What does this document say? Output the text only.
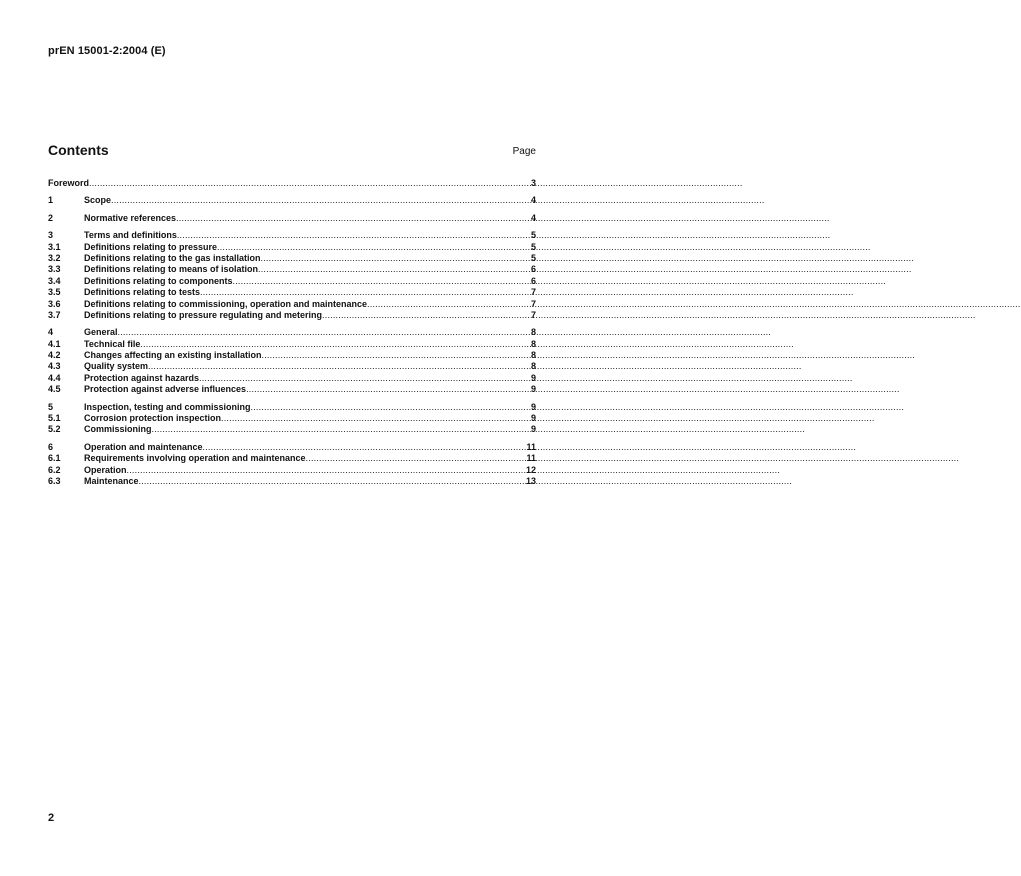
prEN 15001-2:2004 (E)
Contents	Page
Foreword .....	3
1	Scope .....	4
2	Normative references .....	4
3	Terms and definitions .....	5
3.1	Definitions relating to pressure .....	5
3.2	Definitions relating to the gas installation .....	5
3.3	Definitions relating to means of isolation .....	6
3.4	Definitions relating to components .....	6
3.5	Definitions relating to tests .....	7
3.6	Definitions relating to commissioning, operation and maintenance .....	7
3.7	Definitions relating to pressure regulating and metering .....	7
4	General .....	8
4.1	Technical file .....	8
4.2	Changes affecting an existing installation .....	8
4.3	Quality system .....	8
4.4	Protection against hazards .....	9
4.5	Protection against adverse influences .....	9
5	Inspection, testing and commissioning .....	9
5.1	Corrosion protection inspection .....	9
5.2	Commissioning .....	9
6	Operation and maintenance .....	11
6.1	Requirements involving operation and maintenance .....	11
6.2	Operation .....	12
6.3	Maintenance .....	13
2
